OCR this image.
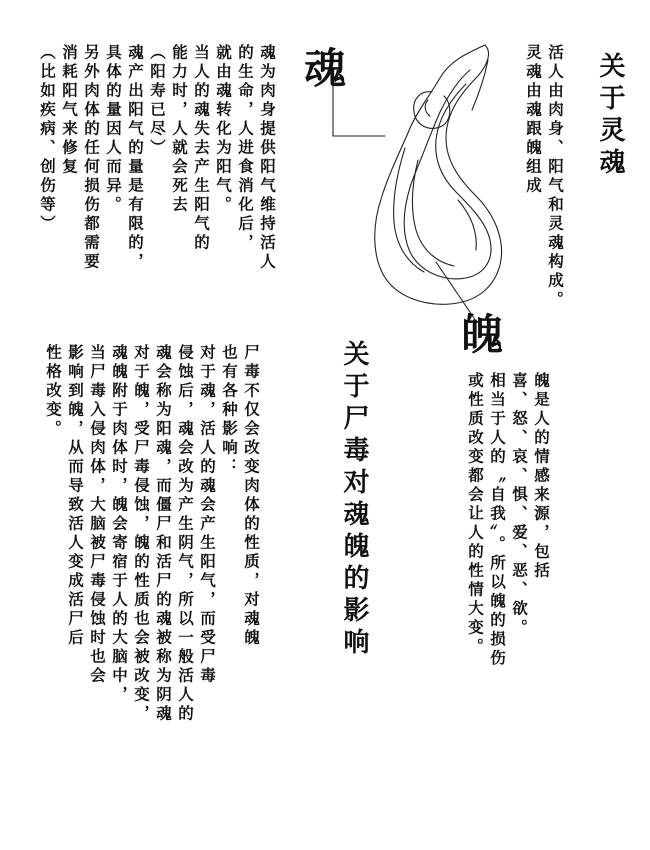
关于灵魂
活人由肉身、阳气和灵魂构成。
灵魂由魂跟魄组成
魂
魂为肉身提供阳气维持活人
的生命，人进食消化后，
就由魂转化为阳气。
当人的魂失去产生阳气的
能力时，人就会死去
（阳寿已尽）
魂产出阳气的量是有限的，
具体的量因人而异。
另外肉体的任何损伤都需要
消耗阳气来修复
（比如疾病、创伤等）
魄
魄是人的情感来源，包括
喜、怒、哀、惧、爱、恶、欲。
相当于人的〝自我〞。所以魄的损伤
或性质改变都会让人的性情大变。
关于尸毒对魂魄的影响
尸毒不仅会改变肉体的性质，对魂魄
也有各种影响：
对于魂，活人的魂会产生阳气，而受尸毒
侵蚀后，魂会改为产生阴气，所以一般活人的
魂会称为阳魂，而僵尸和活尸的魂被称为阴魂
对于魄，受尸毒侵蚀，魄的性质也会被改变，
魂魄附于肉体时，魄会寄宿于人的大脑中，
当尸毒入侵肉体，大脑被尸毒侵蚀时也会
影响到魄，从而导致活人变成活尸后
性格改变。
